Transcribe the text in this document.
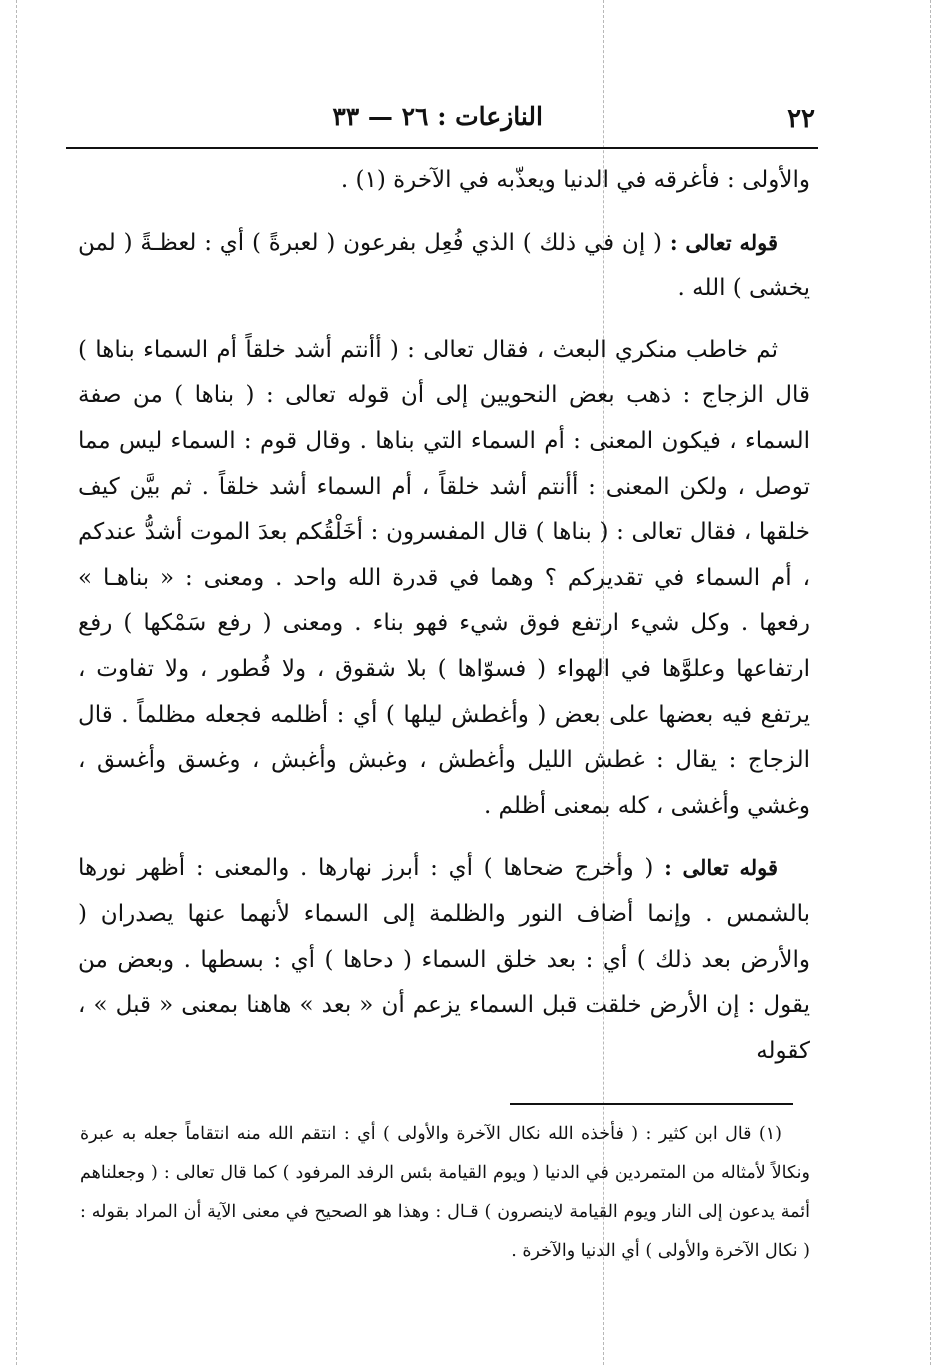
٢٢
النازعات : ٢٦ — ٣٣

والأولى : فأغرقه في الدنيا ويعذّبه في الآخرة (١) .

قوله تعالى : ( إن في ذلك ) الذي فُعِل بفرعون ( لعبرةً ) أي : لعظـةً ( لمن يخشى ) الله .

ثم خاطب منكري البعث ، فقال تعالى : ( أأنتم أشد خلقاً أم السماء بناها ) قال الزجاج : ذهب بعض النحويين إلى أن قوله تعالى : ( بناها ) من صفة السماء ، فيكون المعنى : أم السماء التي بناها . وقال قوم : السماء ليس مما توصل ، ولكن المعنى : أأنتم أشد خلقاً ، أم السماء أشد خلقاً . ثم بيَّن كيف خلقها ، فقال تعالى : ( بناها ) قال المفسرون : أخَلْقُكم بعدَ الموت أشدُّ عندكم ، أم السماء في تقديركم ؟ وهما في قدرة الله واحد . ومعنى : « بناهـا » رفعها . وكل شيء ارتفع فوق شيء فهو بناء . ومعنى ( رفع سَمْكها ) رفع ارتفاعها وعلوَّها في الهواء ( فسوّاها ) بلا شقوق ، ولا فُطور ، ولا تفاوت ، يرتفع فيه بعضها على بعض ( وأغطش ليلها ) أي : أظلمه فجعله مظلماً . قال الزجاج : يقال : غطش الليل وأغطش ، وغبش وأغبش ، وغسق وأغسق ، وغشي وأغشى ، كله بمعنى أظلم .

قوله تعالى : ( وأخرج ضحاها ) أي : أبرز نهارها . والمعنى : أظهر نورها بالشمس . وإنما أضاف النور والظلمة إلى السماء لأنهما عنها يصدران ( والأرض بعد ذلك ) أي : بعد خلق السماء ( دحاها ) أي : بسطها . وبعض من يقول : إن الأرض خلقت قبل السماء يزعم أن « بعد » هاهنا بمعنى « قبل » ، كقوله

(١) قال ابن كثير : ( فأخذه الله نكال الآخرة والأولى ) أي : انتقم الله منه انتقاماً جعله به عبرة ونكالاً لأمثاله من المتمردين في الدنيا ( ويوم القيامة بئس الرفد المرفود ) كما قال تعالى : ( وجعلناهم أئمة يدعون إلى النار ويوم القيامة لاينصرون ) قـال : وهذا هو الصحيح في معنى الآية أن المراد بقوله : ( نكال الآخرة والأولى ) أي الدنيا والآخرة .
